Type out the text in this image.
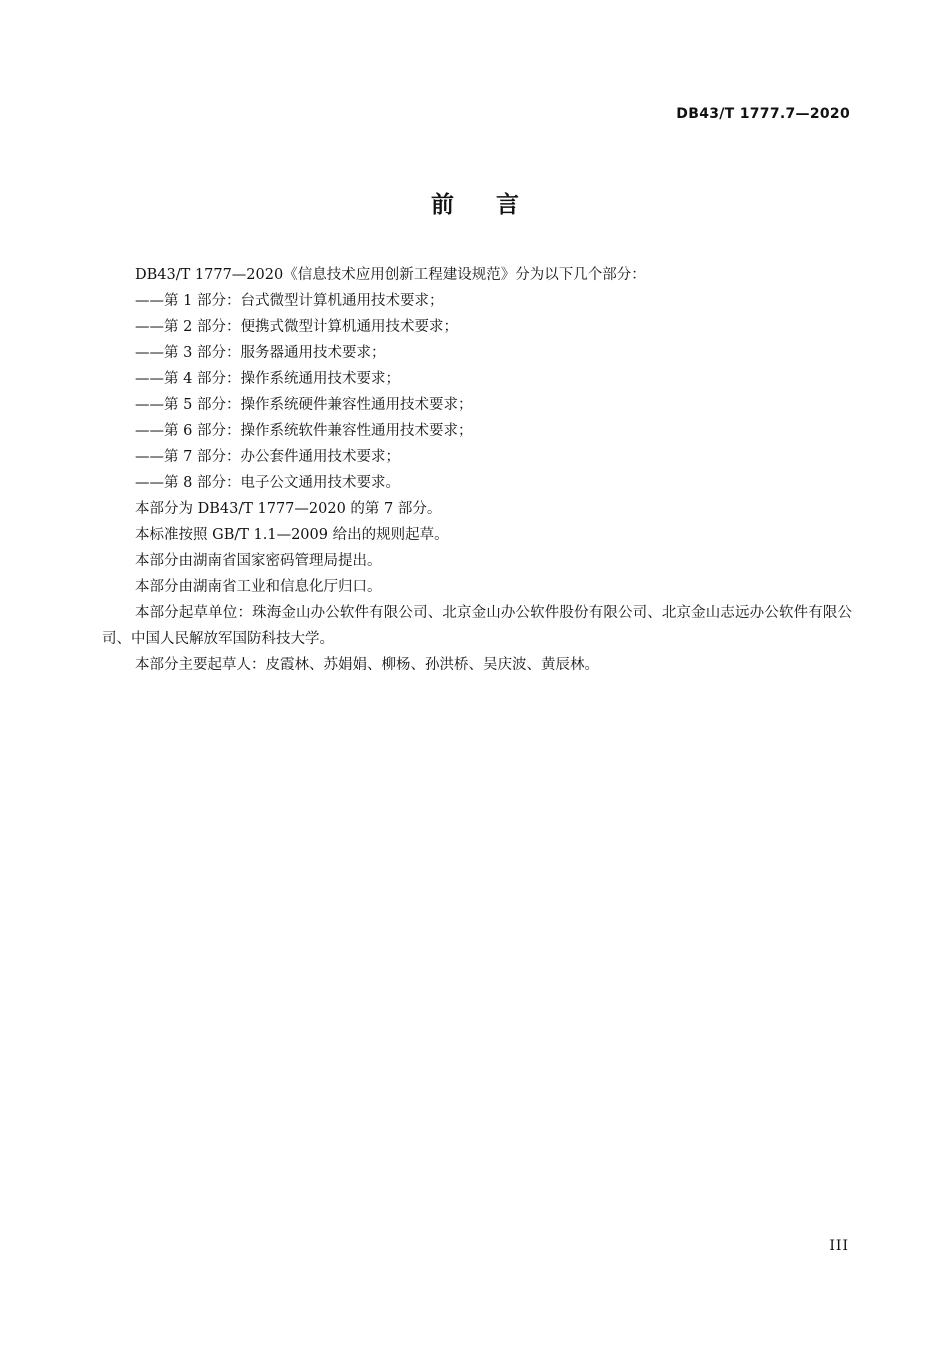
DB43/T 1777.7—2020
前言

DB43/T 1777—2020《信息技术应用创新工程建设规范》分为以下几个部分：

——第 1 部分：台式微型计算机通用技术要求；
——第 2 部分：便携式微型计算机通用技术要求；
——第 3 部分：服务器通用技术要求；
——第 4 部分：操作系统通用技术要求；
——第 5 部分：操作系统硬件兼容性通用技术要求；
——第 6 部分：操作系统软件兼容性通用技术要求；
——第 7 部分：办公套件通用技术要求；
——第 8 部分：电子公文通用技术要求。

本部分为 DB43/T 1777—2020 的第 7 部分。

本标准按照 GB/T 1.1—2009 给出的规则起草。

本部分由湖南省国家密码管理局提出。

本部分由湖南省工业和信息化厅归口。

本部分起草单位：珠海金山办公软件有限公司、北京金山办公软件股份有限公司、北京金山志远办公软件有限公司、中国人民解放军国防科技大学。

本部分主要起草人：皮霞林、苏娟娟、柳杨、孙洪桥、吴庆波、黄辰林。

III
